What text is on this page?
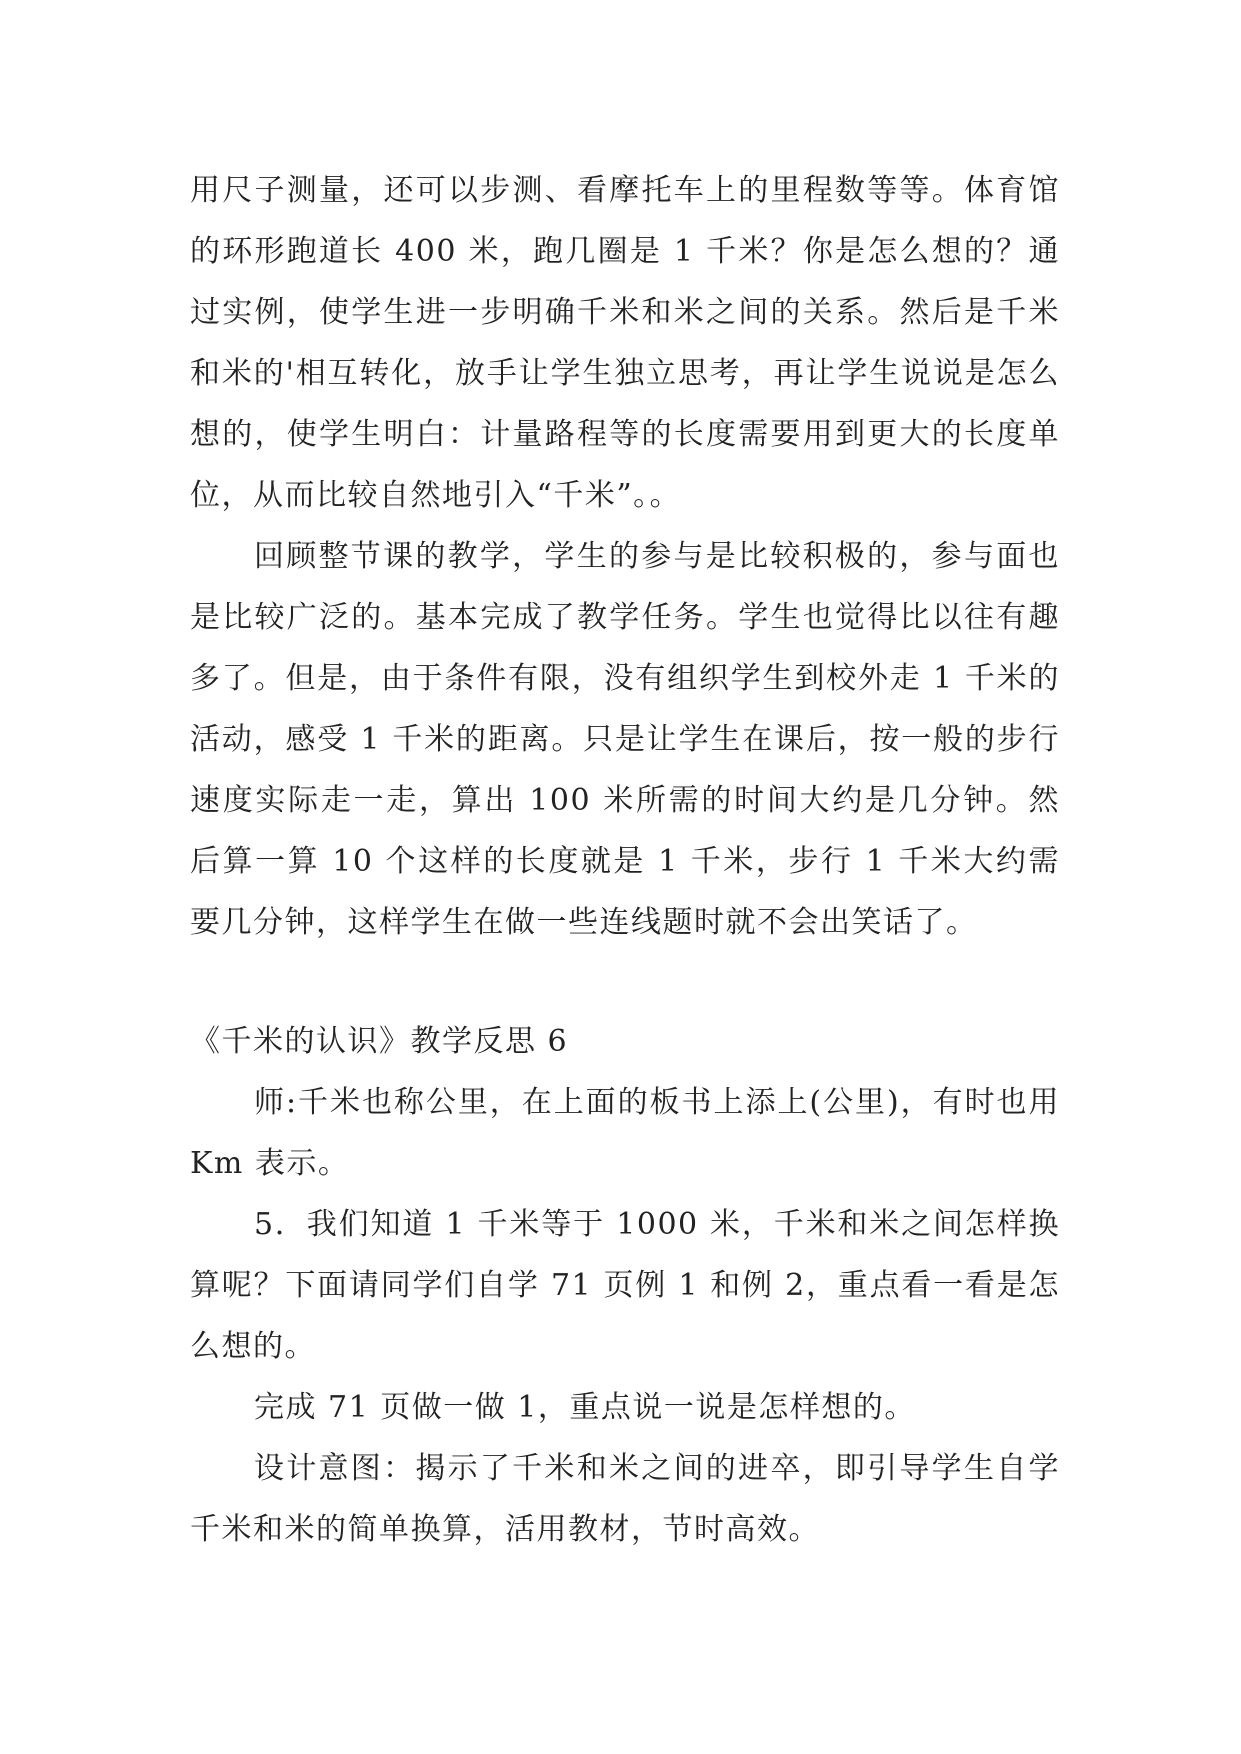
用尺子测量，还可以步测、看摩托车上的里程数等等。体育馆的环形跑道长 400 米，跑几圈是 1 千米？你是怎么想的？通过实例，使学生进一步明确千米和米之间的关系。然后是千米和米的'相互转化，放手让学生独立思考，再让学生说说是怎么想的，使学生明白：计量路程等的长度需要用到更大的长度单位，从而比较自然地引入“千米”。。

回顾整节课的教学，学生的参与是比较积极的，参与面也是比较广泛的。基本完成了教学任务。学生也觉得比以往有趣多了。但是，由于条件有限，没有组织学生到校外走 1 千米的活动，感受 1 千米的距离。只是让学生在课后，按一般的步行速度实际走一走，算出 100 米所需的时间大约是几分钟。然后算一算 10 个这样的长度就是 1 千米，步行 1 千米大约需要几分钟，这样学生在做一些连线题时就不会出笑话了。

《千米的认识》教学反思 6

师:千米也称公里，在上面的板书上添上(公里)，有时也用 Km 表示。

5．我们知道 1 千米等于 1000 米，千米和米之间怎样换算呢？下面请同学们自学 71 页例 1 和例 2，重点看一看是怎么想的。

完成 71 页做一做 1，重点说一说是怎样想的。

设计意图：揭示了千米和米之间的进卒，即引导学生自学千米和米的简单换算，活用教材，节时高效。
